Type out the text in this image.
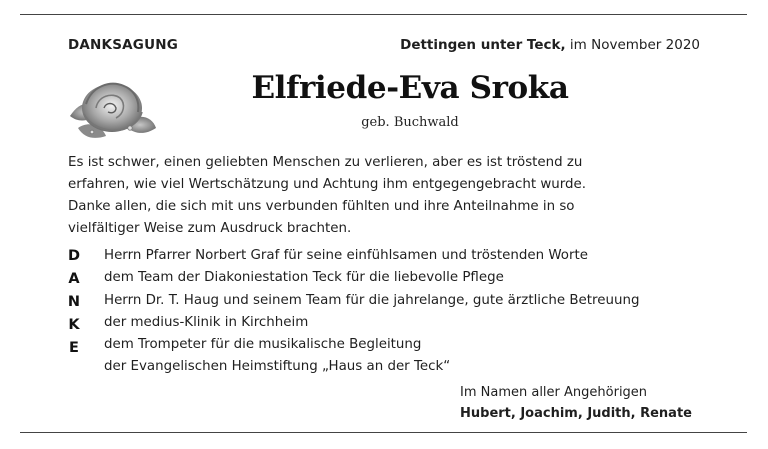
DANKSAGUNG	Dettingen unter Teck, im November 2020
Elfriede-Eva Sroka
geb. Buchwald

Es ist schwer, einen geliebten Menschen zu verlieren, aber es ist tröstend zu
erfahren, wie viel Wertschätzung und Achtung ihm entgegengebracht wurde.
Danke allen, die sich mit uns verbunden fühlten und ihre Anteilnahme in so
vielfältiger Weise zum Ausdruck brachten.

D
A
N
K
E
Herrn Pfarrer Norbert Graf für seine einfühlsamen und tröstenden Worte
dem Team der Diakoniestation Teck für die liebevolle Pflege
Herrn Dr. T. Haug und seinem Team für die jahrelange, gute ärztliche Betreuung
der medius-Klinik in Kirchheim
dem Trompeter für die musikalische Begleitung
der Evangelischen Heimstiftung „Haus an der Teck“
Im Namen aller Angehörigen
Hubert, Joachim, Judith, Renate
